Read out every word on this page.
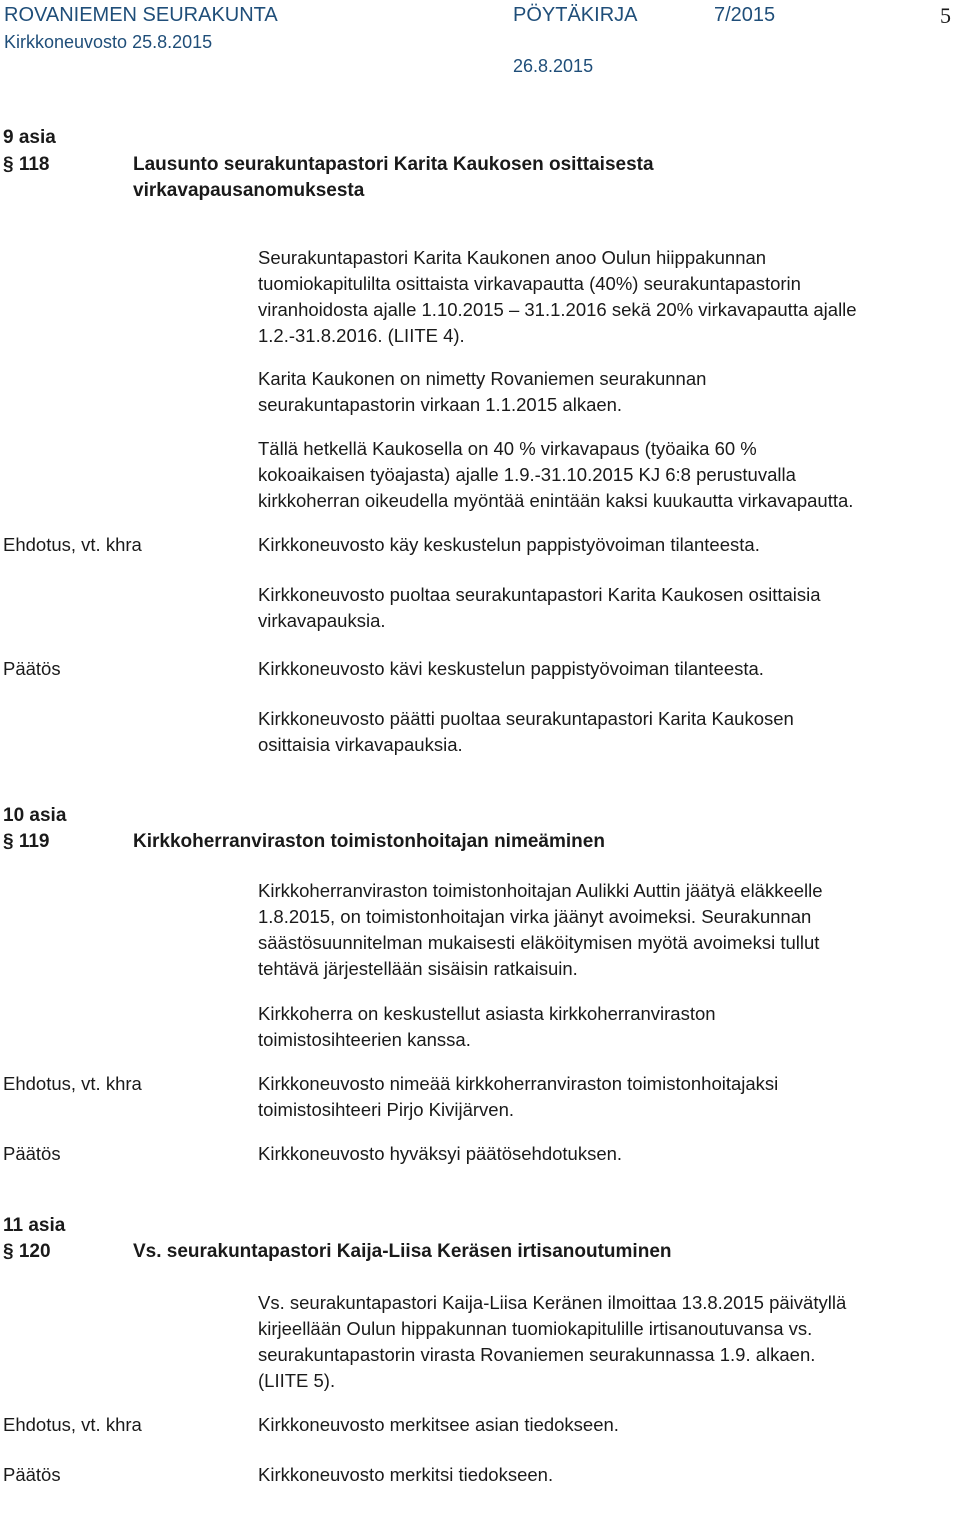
ROVANIEMEN SEURAKUNTA	PÖYTÄKIRJA	7/2015	5
Kirkkoneuvosto 25.8.2015
26.8.2015
9 asia
§ 118	Lausunto seurakuntapastori Karita Kaukosen osittaisesta
virkavapausanomuksesta
Seurakuntapastori Karita Kaukonen anoo Oulun hiippakunnan
tuomiokapitulilta osittaista virkavapautta (40%) seurakuntapastorin
viranhoidosta ajalle 1.10.2015 – 31.1.2016 sekä 20% virkavapautta ajalle
1.2.-31.8.2016. (LIITE 4).
Karita Kaukonen on nimetty Rovaniemen seurakunnan
seurakuntapastorin virkaan 1.1.2015 alkaen.
Tällä hetkellä Kaukosella on 40 % virkavapaus (työaika 60 %
kokoaikaisen työajasta) ajalle 1.9.-31.10.2015 KJ 6:8 perustuvalla
kirkkoherran oikeudella myöntää enintään kaksi kuukautta virkavapautta.
Ehdotus, vt. khra	Kirkkoneuvosto käy keskustelun pappistyövoiman tilanteesta.
Kirkkoneuvosto puoltaa seurakuntapastori Karita Kaukosen osittaisia
virkavapauksia.
Päätös	Kirkkoneuvosto kävi keskustelun pappistyövoiman tilanteesta.
Kirkkoneuvosto päätti puoltaa seurakuntapastori Karita Kaukosen
osittaisia virkavapauksia.
10 asia
§ 119	Kirkkoherranviraston toimistonhoitajan nimeäminen
Kirkkoherranviraston toimistonhoitajan Aulikki Auttin jäätyä eläkkeelle
1.8.2015, on toimistonhoitajan virka jäänyt avoimeksi. Seurakunnan
säästösuunnitelman mukaisesti eläköitymisen myötä avoimeksi tullut
tehtävä järjestellään sisäisin ratkaisuin.
Kirkkoherra on keskustellut asiasta kirkkoherranviraston
toimistosihteerien kanssa.
Ehdotus, vt. khra	Kirkkoneuvosto nimeää kirkkoherranviraston toimistonhoitajaksi
toimistosihteeri Pirjo Kivijärven.
Päätös	Kirkkoneuvosto hyväksyi päätösehdotuksen.
11 asia
§ 120	Vs. seurakuntapastori Kaija-Liisa Keräsen irtisanoutuminen
Vs. seurakuntapastori Kaija-Liisa Keränen ilmoittaa 13.8.2015 päivätyllä
kirjeellään Oulun hippakunnan tuomiokapitulille irtisanoutuvansa vs.
seurakuntapastorin virasta Rovaniemen seurakunnassa 1.9. alkaen.
(LIITE 5).
Ehdotus, vt. khra	Kirkkoneuvosto merkitsee asian tiedokseen.
Päätös	Kirkkoneuvosto merkitsi tiedokseen.
